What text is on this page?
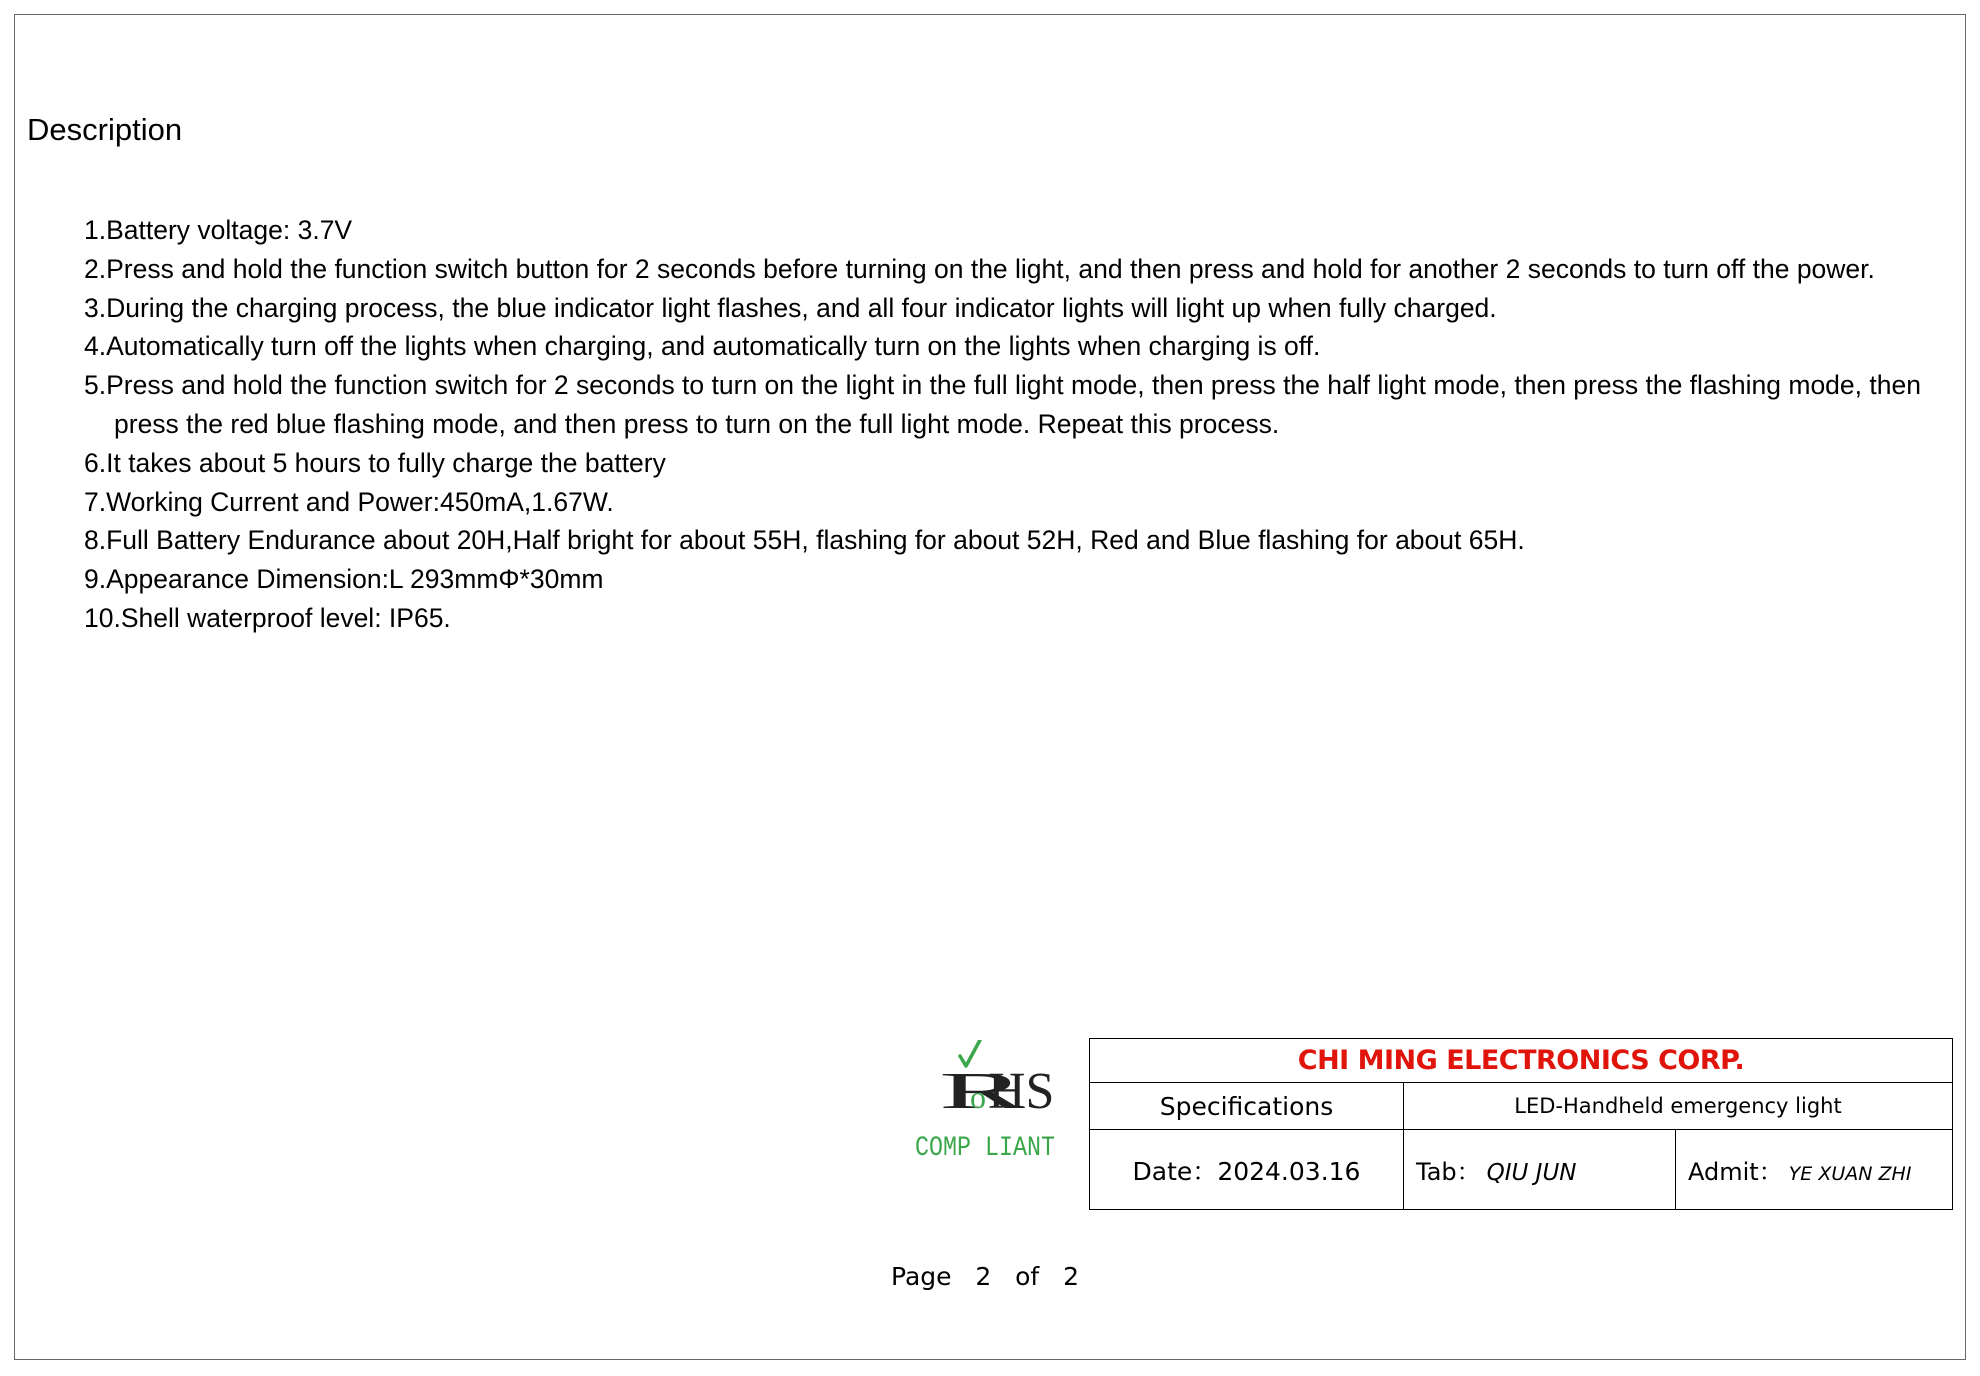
Description
1.Battery voltage: 3.7V
2.Press and hold the function switch button for 2 seconds before turning on the light, and then press and hold for another 2 seconds to turn off the power.
3.During the charging process, the blue indicator light flashes, and all four indicator lights will light up when fully charged.
4.Automatically turn off the lights when charging, and automatically turn on the lights when charging is off.
5.Press and hold the function switch for 2 seconds to turn on the light in the full light mode, then press the half light mode, then press the flashing mode, then press the red blue flashing mode, and then press to turn on the full light mode. Repeat this process.
6.It takes about 5 hours to fully charge the battery
7.Working Current and Power:450mA,1.67W.
8.Full Battery Endurance about 20H,Half bright for about 55H, flashing for about 52H, Red and Blue flashing for about 65H.
9.Appearance Dimension:L 293mmΦ*30mm
10.Shell waterproof level: IP65.
R
o HS
COMP LIANT
CHI MING ELECTRONICS CORP.		
Specifications	LED-Handheld emergency light	
Date：2024.03.16	Tab： QIU JUN	Admit： YE XUAN ZHI
Page 2 of 2
